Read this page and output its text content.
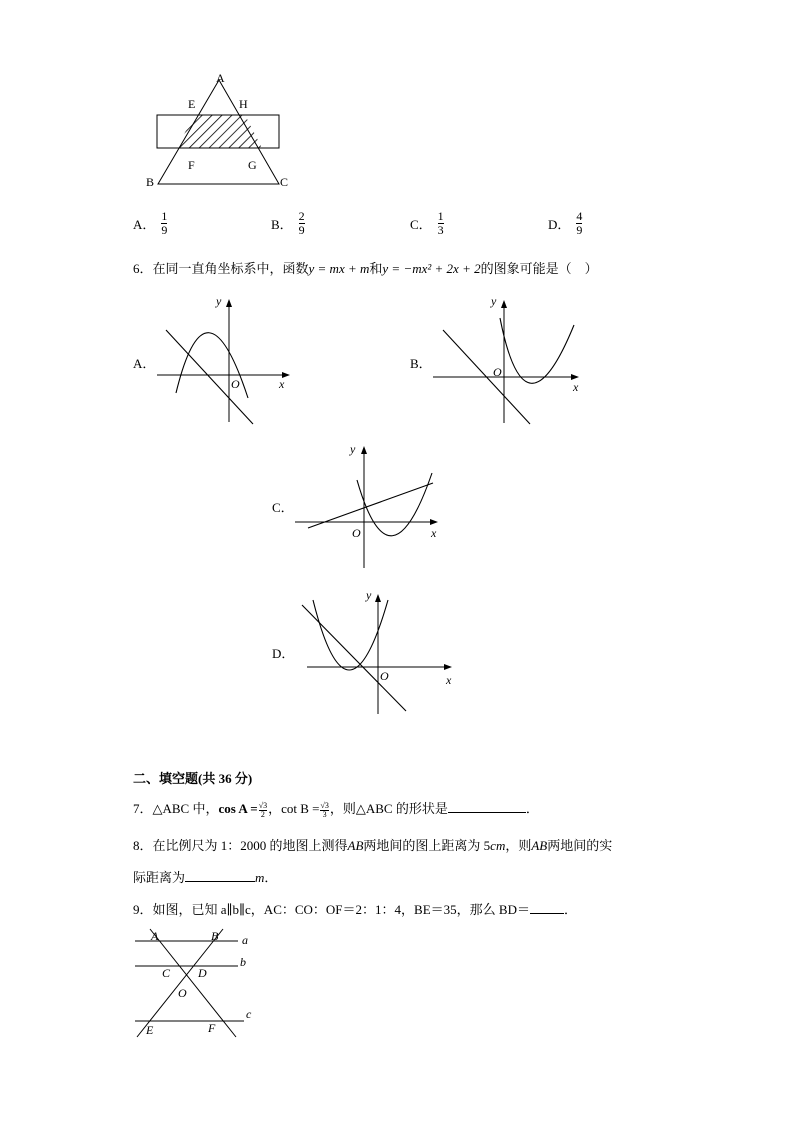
A
E	H
F	G
B	C
A． $\frac{1}{9}$	B． $\frac{2}{9}$	C． $\frac{1}{3}$	D． $\frac{4}{9}$
6．在同一直角坐标系中，函数y = mx + m和y = −mx² + 2x + 2的图象可能是（　）
A．
y
x
O
B．
y
x
O
C．
y
x
O
D．
y
x
O
二、填空题(共 36 分)
7．△ABC 中，$\cos A = \frac{√3}{2}$ ，$\cot B = \frac{√3}{3}$ ，则△ABC 的形状是	．
8．在比例尺为 1：2000 的地图上测得AB两地间的图上距离为 5cm，则AB两地间的实
际距离为	m．
9．如图，已知 a∥b∥c，AC：CO：OF＝2：1：4，BE＝35，那么 BD＝	．
A	B a
b
C D
O
E	F
c
